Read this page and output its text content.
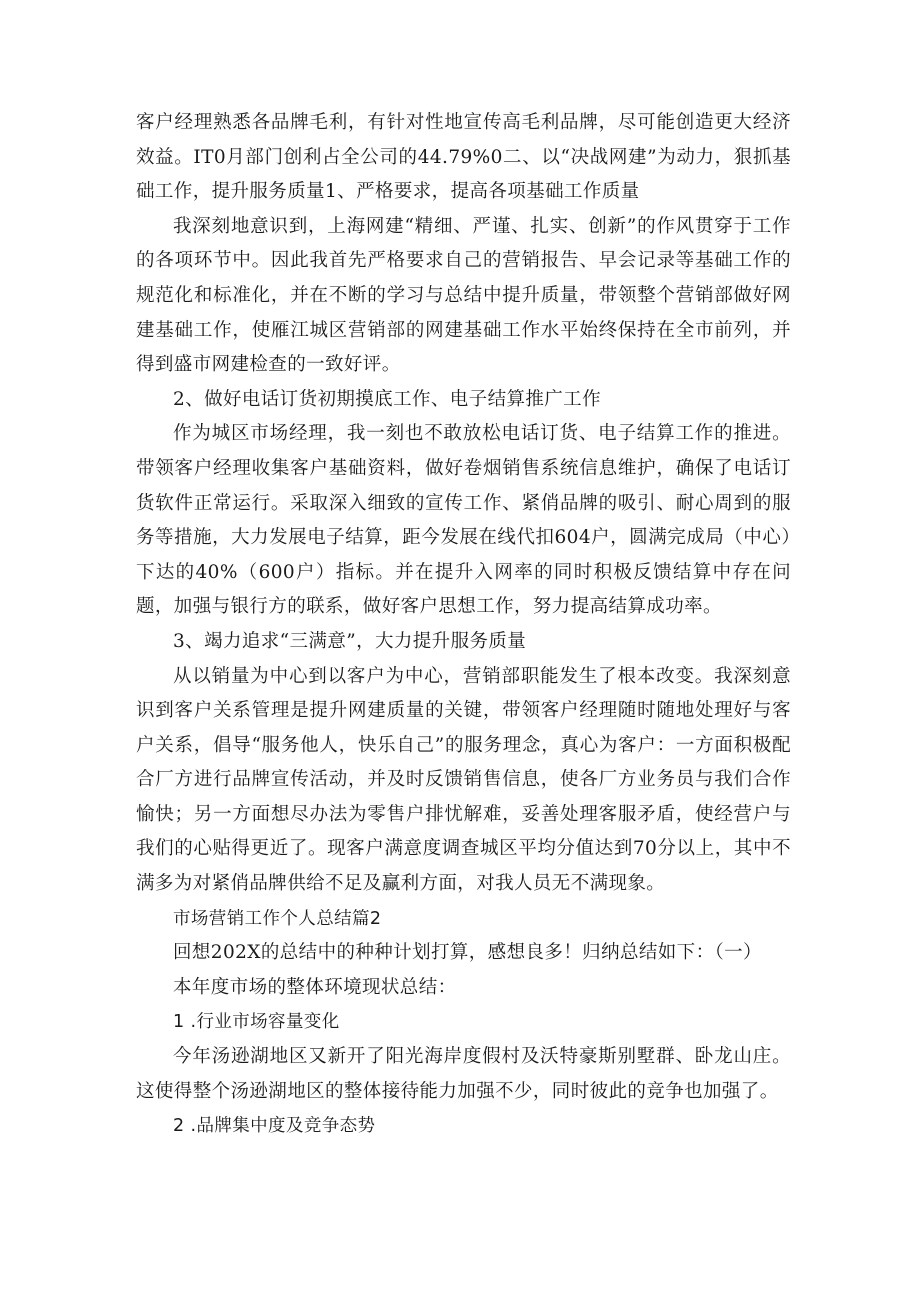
客户经理熟悉各品牌毛利，有针对性地宣传高毛利品牌，尽可能创造更大经济效益。IT0月部门创利占全公司的44.79%0二、以“决战网建”为动力，狠抓基础工作，提升服务质量1、严格要求，提高各项基础工作质量

我深刻地意识到，上海网建“精细、严谨、扎实、创新”的作风贯穿于工作的各项环节中。因此我首先严格要求自己的营销报告、早会记录等基础工作的规范化和标准化，并在不断的学习与总结中提升质量，带领整个营销部做好网建基础工作，使雁江城区营销部的网建基础工作水平始终保持在全市前列，并得到盛市网建检查的一致好评。

2、做好电话订货初期摸底工作、电子结算推广工作

作为城区市场经理，我一刻也不敢放松电话订货、电子结算工作的推进。带领客户经理收集客户基础资料，做好卷烟销售系统信息维护，确保了电话订货软件正常运行。采取深入细致的宣传工作、紧俏品牌的吸引、耐心周到的服务等措施，大力发展电子结算，距今发展在线代扣604户，圆满完成局（中心）下达的40%（600户）指标。并在提升入网率的同时积极反馈结算中存在问题，加强与银行方的联系，做好客户思想工作，努力提高结算成功率。

3、竭力追求“三满意”，大力提升服务质量

从以销量为中心到以客户为中心，营销部职能发生了根本改变。我深刻意识到客户关系管理是提升网建质量的关键，带领客户经理随时随地处理好与客户关系，倡导“服务他人，快乐自己”的服务理念，真心为客户：一方面积极配合厂方进行品牌宣传活动，并及时反馈销售信息，使各厂方业务员与我们合作愉快；另一方面想尽办法为零售户排忧解难，妥善处理客服矛盾，使经营户与我们的心贴得更近了。现客户满意度调查城区平均分值达到70分以上，其中不满多为对紧俏品牌供给不足及赢利方面，对我人员无不满现象。

市场营销工作个人总结篇2

回想202X的总结中的种种计划打算，感想良多！归纳总结如下：（一）

本年度市场的整体环境现状总结：

1 .行业市场容量变化

今年汤逊湖地区又新开了阳光海岸度假村及沃特豪斯别墅群、卧龙山庄。这使得整个汤逊湖地区的整体接待能力加强不少，同时彼此的竞争也加强了。

2 .品牌集中度及竞争态势
